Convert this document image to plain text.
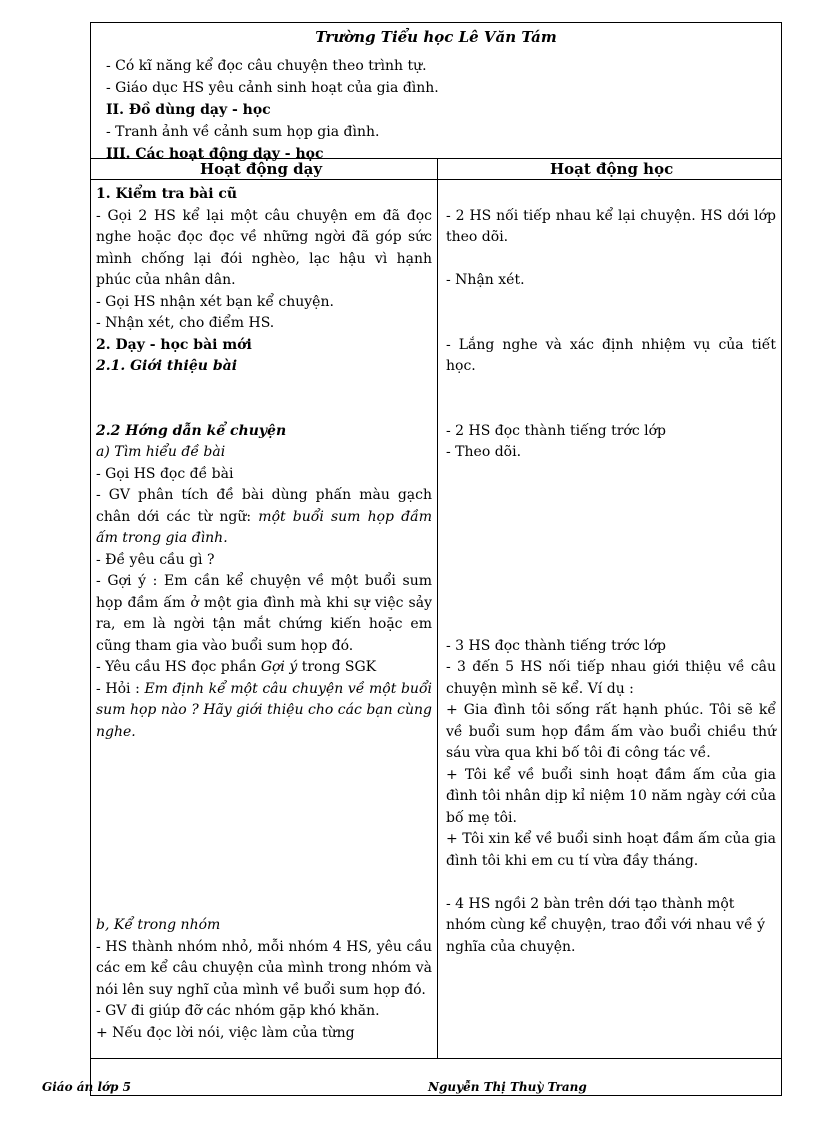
Trường Tiểu học Lê Văn Tám
- Có kĩ năng kể đọc câu chuyện theo trình tự.
- Giáo dục HS yêu cảnh sinh hoạt của gia đình.
II. Đồ dùng dạy - học
- Tranh ảnh về cảnh sum họp gia đình.
III. Các hoạt động dạy - học
Hoạt động dạy	Hoạt động học
1. Kiểm tra bài cũ
- Gọi 2 HS kể lại một câu chuyện em đã đọc nghe hoặc đọc đọc về những ngời đã góp sức mình chống lại đói nghèo, lạc hậu vì hạnh phúc của nhân dân.
- Gọi HS nhận xét bạn kể chuyện.
- Nhận xét, cho điểm HS.
2. Dạy - học bài mới
2.1. Giới thiệu bài
2.2 Hớng dẫn kể chuyện
a) Tìm hiểu đề bài
- Gọi HS đọc đề bài
- GV phân tích đề bài dùng phấn màu gạch chân dới các từ ngữ: một buổi sum họp đầm ấm trong gia đình.
- Đề yêu cầu gì ?
- Gợi ý : Em cần kể chuyện về một buổi sum họp đầm ấm ở một gia đình mà khi sự việc sảy ra, em là ngời tận mắt chứng kiến hoặc em cũng tham gia vào buổi sum họp đó.
- Yêu cầu HS đọc phần Gợi ý trong SGK
- Hỏi : Em định kể một câu chuyện về một buổi sum họp nào ? Hãy giới thiệu cho các bạn cùng nghe.
b, Kể trong nhóm
- HS thành nhóm nhỏ, mỗi nhóm 4 HS, yêu cầu các em kể câu chuyện của mình trong nhóm và nói lên suy nghĩ của mình về buổi sum họp đó.
- GV đi giúp đỡ các nhóm gặp khó khăn.
+ Nếu đọc lời nói, việc làm của từng
- 2 HS nối tiếp nhau kể lại chuyện. HS dới lớp theo dõi.
- Nhận xét.
- Lắng nghe và xác định nhiệm vụ của tiết học.
- 2 HS đọc thành tiếng trớc lớp
- Theo dõi.
- 3 HS đọc thành tiếng trớc lớp
- 3 đến 5 HS nối tiếp nhau giới thiệu về câu chuyện mình sẽ kể. Ví dụ :
+ Gia đình tôi sống rất hạnh phúc. Tôi sẽ kể về buổi sum họp đầm ấm vào buổi chiều thứ sáu vừa qua khi bố tôi đi công tác về.
+ Tôi kể về buổi sinh hoạt đầm ấm của gia đình tôi nhân dịp kỉ niệm 10 năm ngày cới của bố mẹ tôi.
+ Tôi xin kể về buổi sinh hoạt đầm ấm của gia đình tôi khi em cu tí vừa đầy tháng.
- 4 HS ngồi 2 bàn trên dới tạo thành một nhóm cùng kể chuyện, trao đổi với nhau về ý nghĩa của chuyện.
Giáo án lớp 5	Nguyễn Thị Thuỳ Trang
